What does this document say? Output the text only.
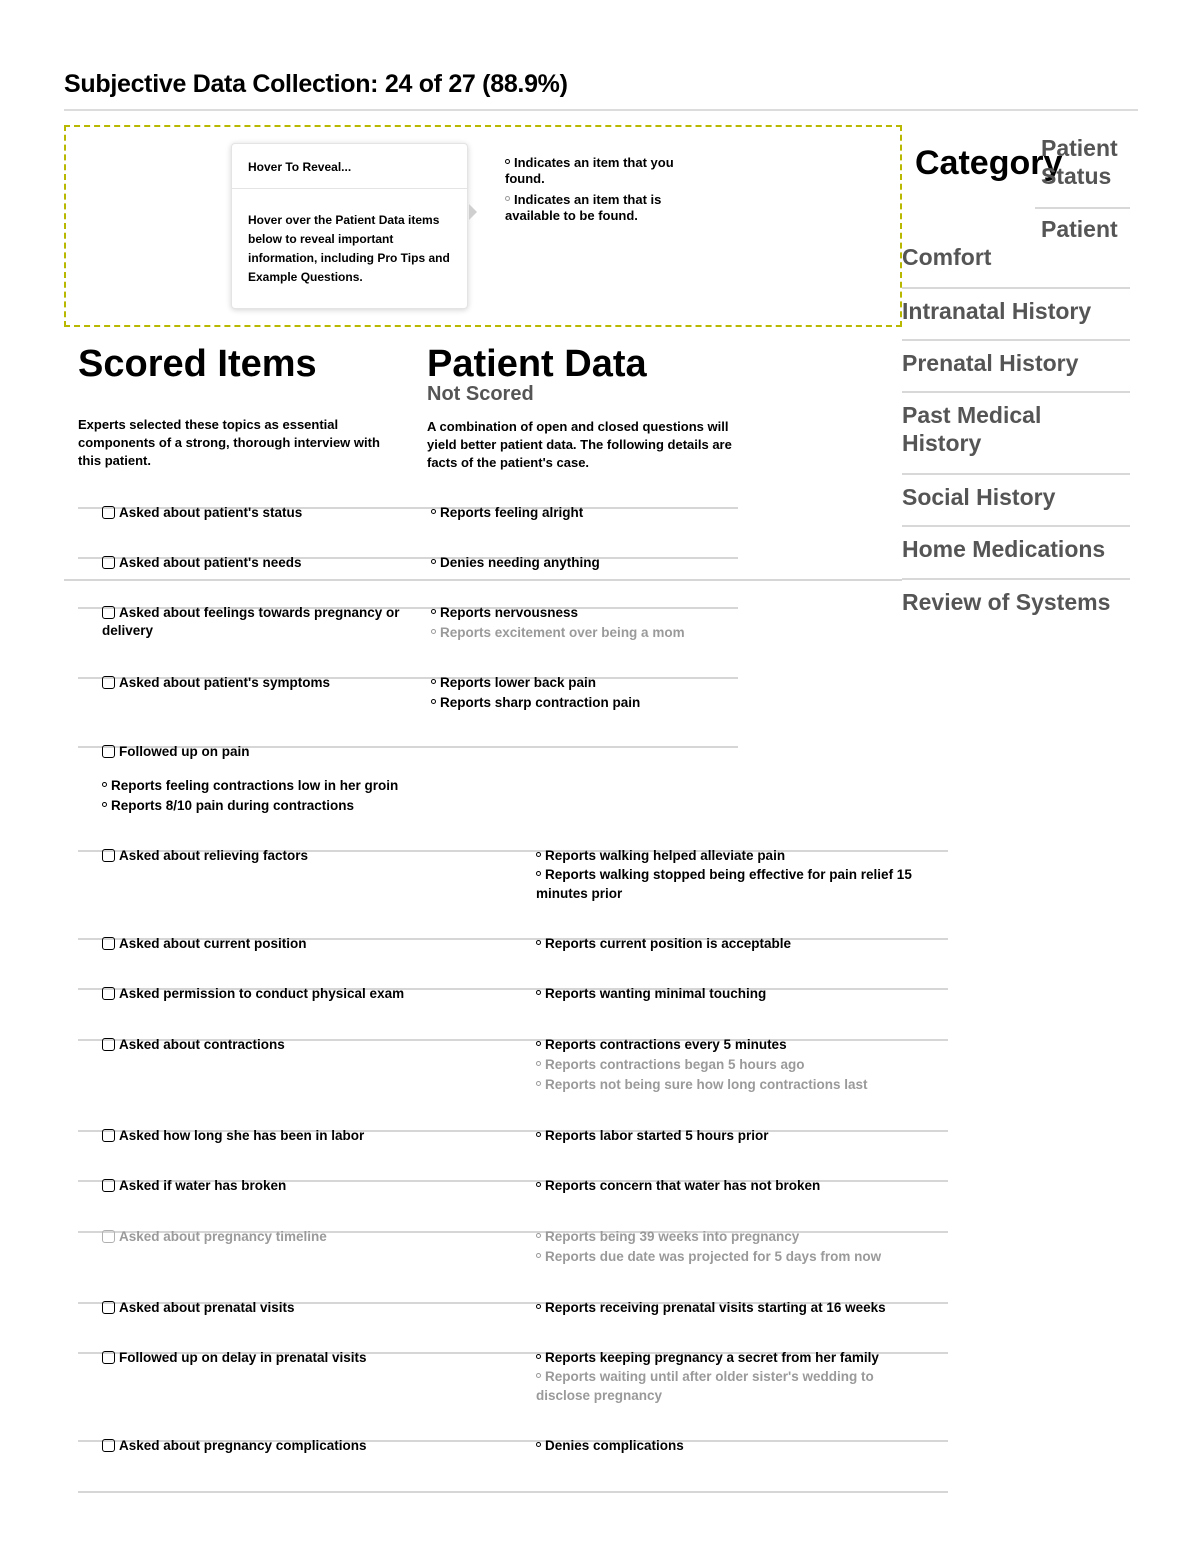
Subjective Data Collection: 24 of 27 (88.9%)
Hover To Reveal...
Hover over the Patient Data items below to reveal important information, including Pro Tips and Example Questions.
Indicates an item that you found.
Indicates an item that is available to be found.
Category
Patient Status
Patient
Comfort
Intranatal History
Prenatal History
Past Medical History
Social History
Home Medications
Review of Systems
Scored Items	Patient Data
Not Scored
Experts selected these topics as essential components of a strong, thorough interview with this patient.
A combination of open and closed questions will yield better patient data. The following details are facts of the patient's case.
Asked about patient's status	Reports feeling alright
Asked about patient's needs	Denies needing anything
Asked about feelings towards pregnancy or delivery
Reports nervousness
Reports excitement over being a mom
Asked about patient's symptoms	Reports lower back pain
Reports sharp contraction pain
Followed up on pain
Reports feeling contractions low in her groin
Reports 8/10 pain during contractions
Asked about relieving factors	Reports walking helped alleviate pain
Reports walking stopped being effective for pain relief 15 minutes prior
Asked about current position	Reports current position is acceptable
Asked permission to conduct physical exam	Reports wanting minimal touching
Asked about contractions	Reports contractions every 5 minutes
Reports contractions began 5 hours ago
Reports not being sure how long contractions last
Asked how long she has been in labor	Reports labor started 5 hours prior
Asked if water has broken	Reports concern that water has not broken
Asked about pregnancy timeline	Reports being 39 weeks into pregnancy
Reports due date was projected for 5 days from now
Asked about prenatal visits	Reports receiving prenatal visits starting at 16 weeks
Followed up on delay in prenatal visits	Reports keeping pregnancy a secret from her family
Reports waiting until after older sister's wedding to disclose pregnancy
Asked about pregnancy complications	Denies complications
